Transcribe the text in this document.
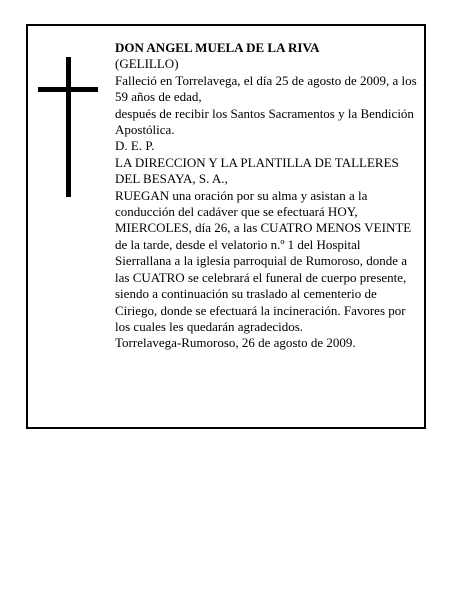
DON ANGEL MUELA DE LA RIVA

(GELILLO)

Falleció en Torrelavega, el día 25 de agosto de 2009, a los 59 años de edad,

después de recibir los Santos Sacramentos y la Bendición Apostólica.

D. E. P.

LA DIRECCION Y LA PLANTILLA DE TALLERES DEL BESAYA, S. A.,

RUEGAN una oración por su alma y asistan a la conducción del cadáver que se efectuará HOY, MIERCOLES, día 26, a las CUATRO MENOS VEINTE de la tarde, desde el velatorio n.º 1 del Hospital Sierrallana a la iglesia parroquial de Rumoroso, donde a las CUATRO se celebrará el funeral de cuerpo presente, siendo a continuación su traslado al cementerio de Ciriego, donde se efectuará la incineración. Favores por los cuales les quedarán agradecidos.

Torrelavega-Rumoroso, 26 de agosto de 2009.
